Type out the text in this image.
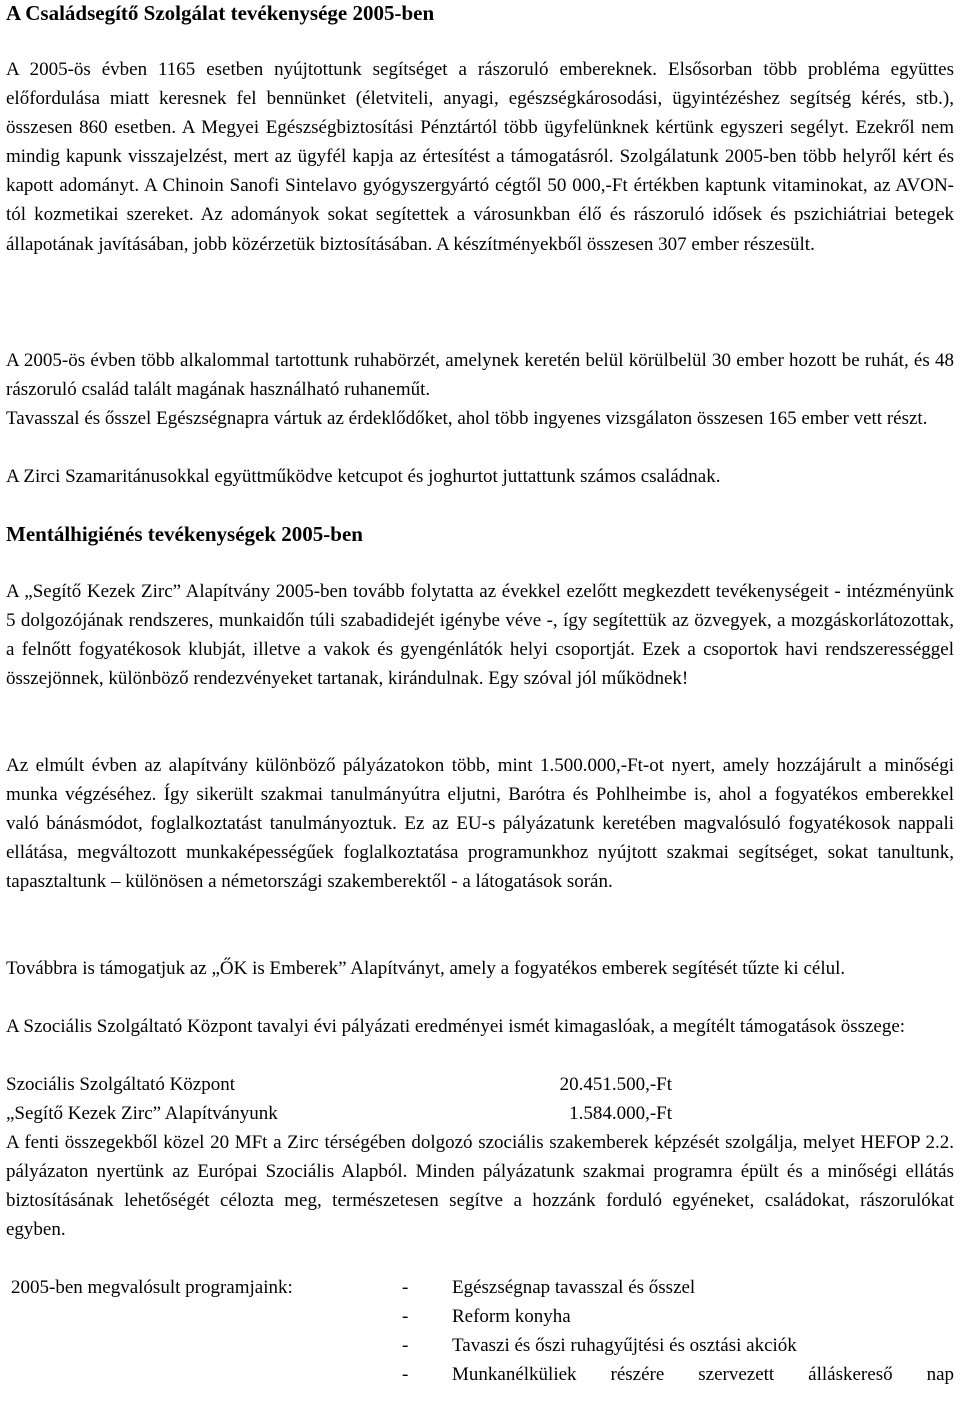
A Családsegítő Szolgálat tevékenysége 2005-ben

A 2005-ös évben 1165 esetben nyújtottunk segítséget a rászoruló embereknek. Elsősorban több probléma együttes előfordulása miatt keresnek fel bennünket (életviteli, anyagi, egészségkárosodási, ügyintézéshez segítség kérés, stb.), összesen 860 esetben. A Megyei Egészségbiztosítási Pénztártól több ügyfelünknek kértünk egyszeri segélyt. Ezekről nem mindig kapunk visszajelzést, mert az ügyfél kapja az értesítést a támogatásról. Szolgálatunk 2005-ben több helyről kért és kapott adományt. A Chinoin Sanofi Sintelavo gyógyszergyártó cégtől 50 000,-Ft értékben kaptunk vitaminokat, az AVON-tól kozmetikai szereket. Az adományok sokat segítettek a városunkban élő és rászoruló idősek és pszichiátriai betegek állapotának javításában, jobb közérzetük biztosításában. A készítményekből összesen 307 ember részesült.

A 2005-ös évben több alkalommal tartottunk ruhabörzét, amelynek keretén belül körülbelül 30 ember hozott be ruhát, és 48 rászoruló család talált magának használható ruhaneműt.

Tavasszal és ősszel Egészségnapra vártuk az érdeklődőket, ahol több ingyenes vizsgálaton összesen 165 ember vett részt.

A Zirci Szamaritánusokkal együttműködve ketcupot és joghurtot juttattunk számos családnak.

Mentálhigiénés tevékenységek 2005-ben

A „Segítő Kezek Zirc” Alapítvány 2005-ben tovább folytatta az évekkel ezelőtt megkezdett tevékenységeit - intézményünk 5 dolgozójának rendszeres, munkaidőn túli szabadidejét igénybe véve -, így segítettük az özvegyek, a mozgáskorlátozottak, a felnőtt fogyatékosok klubját, illetve a vakok és gyengénlátók helyi csoportját. Ezek a csoportok havi rendszerességgel összejönnek, különböző rendezvényeket tartanak, kirándulnak. Egy szóval jól működnek!

Az elmúlt évben az alapítvány különböző pályázatokon több, mint 1.500.000,-Ft-ot nyert, amely hozzájárult a minőségi munka végzéséhez. Így sikerült szakmai tanulmányútra eljutni, Barótra és Pohlheimbe is, ahol a fogyatékos emberekkel való bánásmódot, foglalkoztatást tanulmányoztuk. Ez az EU-s pályázatunk keretében magvalósuló fogyatékosok nappali ellátása, megváltozott munkaképességűek foglalkoztatása programunkhoz nyújtott szakmai segítséget, sokat tanultunk, tapasztaltunk – különösen a németországi szakemberektől - a látogatások során.

Továbbra is támogatjuk az „ŐK is Emberek” Alapítványt, amely a fogyatékos emberek segítését tűzte ki célul.

A Szociális Szolgáltató Központ tavalyi évi pályázati eredményei ismét kimagaslóak, a megítélt támogatások összege:

Szociális Szolgáltató Központ	20.451.500,-Ft
„Segítő Kezek Zirc” Alapítványunk	1.584.000,-Ft

A fenti összegekből közel 20 MFt a Zirc térségében dolgozó szociális szakemberek képzését szolgálja, melyet HEFOP 2.2. pályázaton nyertünk az Európai Szociális Alapból. Minden pályázatunk szakmai programra épült és a minőségi ellátás biztosításának lehetőségét célozta meg, természetesen segítve a hozzánk forduló egyéneket, családokat, rászorulókat egyben.

2005-ben megvalósult programjaink:	- Egészségnap tavasszal és ősszel
- Reform konyha
- Tavaszi és őszi ruhagyűjtési és osztási akciók
- Munkanélküliek részére szervezett álláskereső nap
